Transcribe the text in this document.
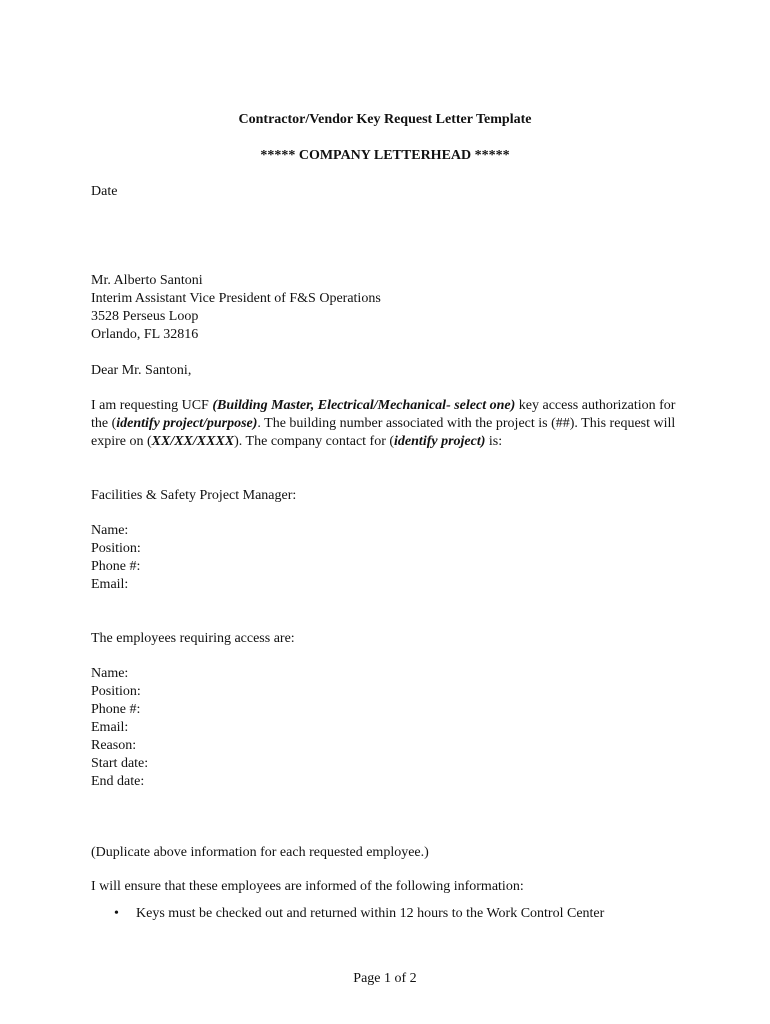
Contractor/Vendor Key Request Letter Template
***** COMPANY LETTERHEAD *****
Date
Mr. Alberto Santoni
Interim Assistant Vice President of F&S Operations
3528 Perseus Loop
Orlando, FL 32816
Dear Mr. Santoni,
I am requesting UCF (Building Master, Electrical/Mechanical- select one) key access authorization for the (identify project/purpose). The building number associated with the project is (##). This request will expire on (XX/XX/XXXX). The company contact for (identify project) is:
Facilities & Safety Project Manager:
Name:
Position:
Phone #:
Email:
The employees requiring access are:
Name:
Position:
Phone #:
Email:
Reason:
Start date:
End date:
(Duplicate above information for each requested employee.)
I will ensure that these employees are informed of the following information:
• Keys must be checked out and returned within 12 hours to the Work Control Center
Page 1 of 2
